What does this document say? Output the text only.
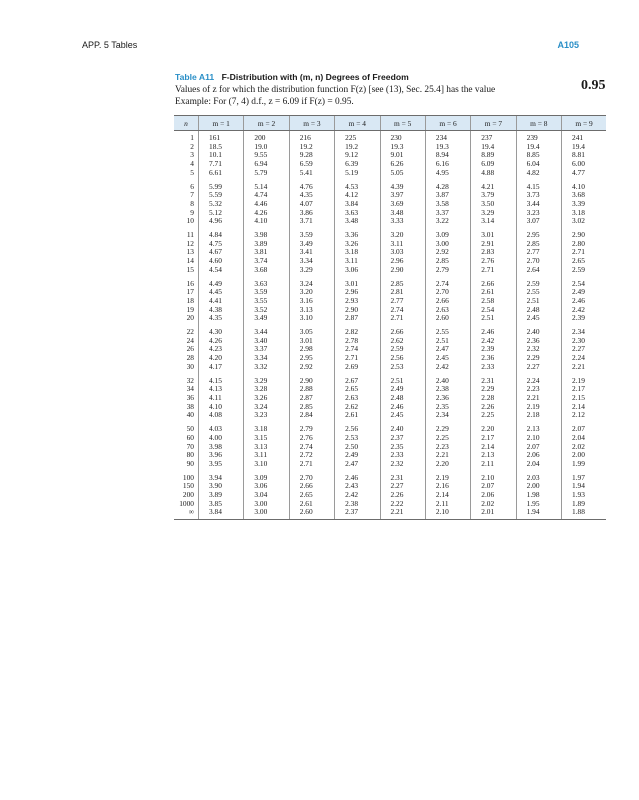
APP. 5 Tables	A105
Table A11 F-Distribution with (m, n) Degrees of Freedom
Values of z for which the distribution function F(z) [see (13), Sec. 25.4] has the value	0.95
Example: For (7, 4) d.f., z = 6.09 if F(z) = 0.95.
n	m = 1	m = 2	m = 3	m = 4	m = 5	m = 6	m = 7	m = 8	m = 9
1	161	200	216	225	230	234	237	239	241
2	18.5	19.0	19.2	19.2	19.3	19.3	19.4	19.4	19.4
3	10.1	9.55	9.28	9.12	9.01	8.94	8.89	8.85	8.81
4	7.71	6.94	6.59	6.39	6.26	6.16	6.09	6.04	6.00
5	6.61	5.79	5.41	5.19	5.05	4.95	4.88	4.82	4.77
6	5.99	5.14	4.76	4.53	4.39	4.28	4.21	4.15	4.10
7	5.59	4.74	4.35	4.12	3.97	3.87	3.79	3.73	3.68
8	5.32	4.46	4.07	3.84	3.69	3.58	3.50	3.44	3.39
9	5.12	4.26	3.86	3.63	3.48	3.37	3.29	3.23	3.18
10	4.96	4.10	3.71	3.48	3.33	3.22	3.14	3.07	3.02
11	4.84	3.98	3.59	3.36	3.20	3.09	3.01	2.95	2.90
12	4.75	3.89	3.49	3.26	3.11	3.00	2.91	2.85	2.80
13	4.67	3.81	3.41	3.18	3.03	2.92	2.83	2.77	2.71
14	4.60	3.74	3.34	3.11	2.96	2.85	2.76	2.70	2.65
15	4.54	3.68	3.29	3.06	2.90	2.79	2.71	2.64	2.59
16	4.49	3.63	3.24	3.01	2.85	2.74	2.66	2.59	2.54
17	4.45	3.59	3.20	2.96	2.81	2.70	2.61	2.55	2.49
18	4.41	3.55	3.16	2.93	2.77	2.66	2.58	2.51	2.46
19	4.38	3.52	3.13	2.90	2.74	2.63	2.54	2.48	2.42
20	4.35	3.49	3.10	2.87	2.71	2.60	2.51	2.45	2.39
22	4.30	3.44	3.05	2.82	2.66	2.55	2.46	2.40	2.34
24	4.26	3.40	3.01	2.78	2.62	2.51	2.42	2.36	2.30
26	4.23	3.37	2.98	2.74	2.59	2.47	2.39	2.32	2.27
28	4.20	3.34	2.95	2.71	2.56	2.45	2.36	2.29	2.24
30	4.17	3.32	2.92	2.69	2.53	2.42	2.33	2.27	2.21
32	4.15	3.29	2.90	2.67	2.51	2.40	2.31	2.24	2.19
34	4.13	3.28	2.88	2.65	2.49	2.38	2.29	2.23	2.17
36	4.11	3.26	2.87	2.63	2.48	2.36	2.28	2.21	2.15
38	4.10	3.24	2.85	2.62	2.46	2.35	2.26	2.19	2.14
40	4.08	3.23	2.84	2.61	2.45	2.34	2.25	2.18	2.12
50	4.03	3.18	2.79	2.56	2.40	2.29	2.20	2.13	2.07
60	4.00	3.15	2.76	2.53	2.37	2.25	2.17	2.10	2.04
70	3.98	3.13	2.74	2.50	2.35	2.23	2.14	2.07	2.02
80	3.96	3.11	2.72	2.49	2.33	2.21	2.13	2.06	2.00
90	3.95	3.10	2.71	2.47	2.32	2.20	2.11	2.04	1.99
100	3.94	3.09	2.70	2.46	2.31	2.19	2.10	2.03	1.97
150	3.90	3.06	2.66	2.43	2.27	2.16	2.07	2.00	1.94
200	3.89	3.04	2.65	2.42	2.26	2.14	2.06	1.98	1.93
1000	3.85	3.00	2.61	2.38	2.22	2.11	2.02	1.95	1.89
∞	3.84	3.00	2.60	2.37	2.21	2.10	2.01	1.94	1.88
